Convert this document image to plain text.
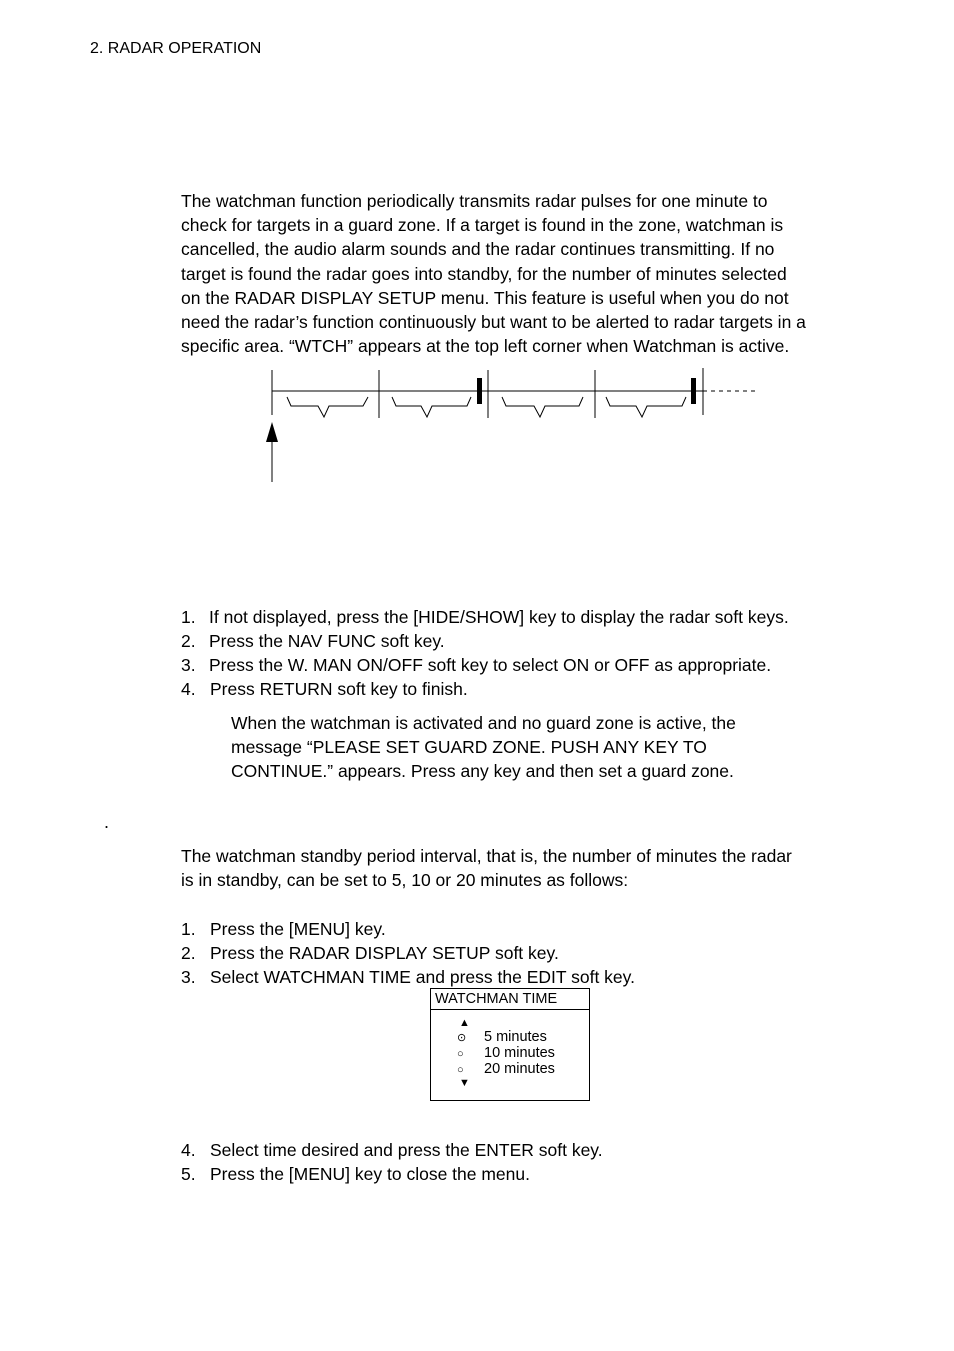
2. RADAR OPERATION

The watchman function periodically transmits radar pulses for one minute to

check for targets in a guard zone. If a target is found in the zone, watchman is

cancelled, the audio alarm sounds and the radar continues transmitting. If no

target is found the radar goes into standby, for the number of minutes selected

on the RADAR DISPLAY SETUP menu. This feature is useful when you do not

need the radar’s function continuously but want to be alerted to radar targets in a

specific area. “WTCH” appears at the top left corner when Watchman is active.

1. If not displayed, press the [HIDE/SHOW] key to display the radar soft keys.
2. Press the NAV FUNC soft key.
3. Press the W. MAN ON/OFF soft key to select ON or OFF as appropriate.
4. Press RETURN soft key to finish.

When the watchman is activated and no guard zone is active, the

message “PLEASE SET GUARD ZONE. PUSH ANY KEY TO

CONTINUE.” appears. Press any key and then set a guard zone.

.

The watchman standby period interval, that is, the number of minutes the radar

is in standby, can be set to 5, 10 or 20 minutes as follows:

1. Press the [MENU] key.
2. Press the RADAR DISPLAY SETUP soft key.
3. Select WATCHMAN TIME and press the EDIT soft key.
WATCHMAN TIME
▲
⊙ 5 minutes
○ 10 minutes
○ 20 minutes
▼
4. Select time desired and press the ENTER soft key.
5. Press the [MENU] key to close the menu.
